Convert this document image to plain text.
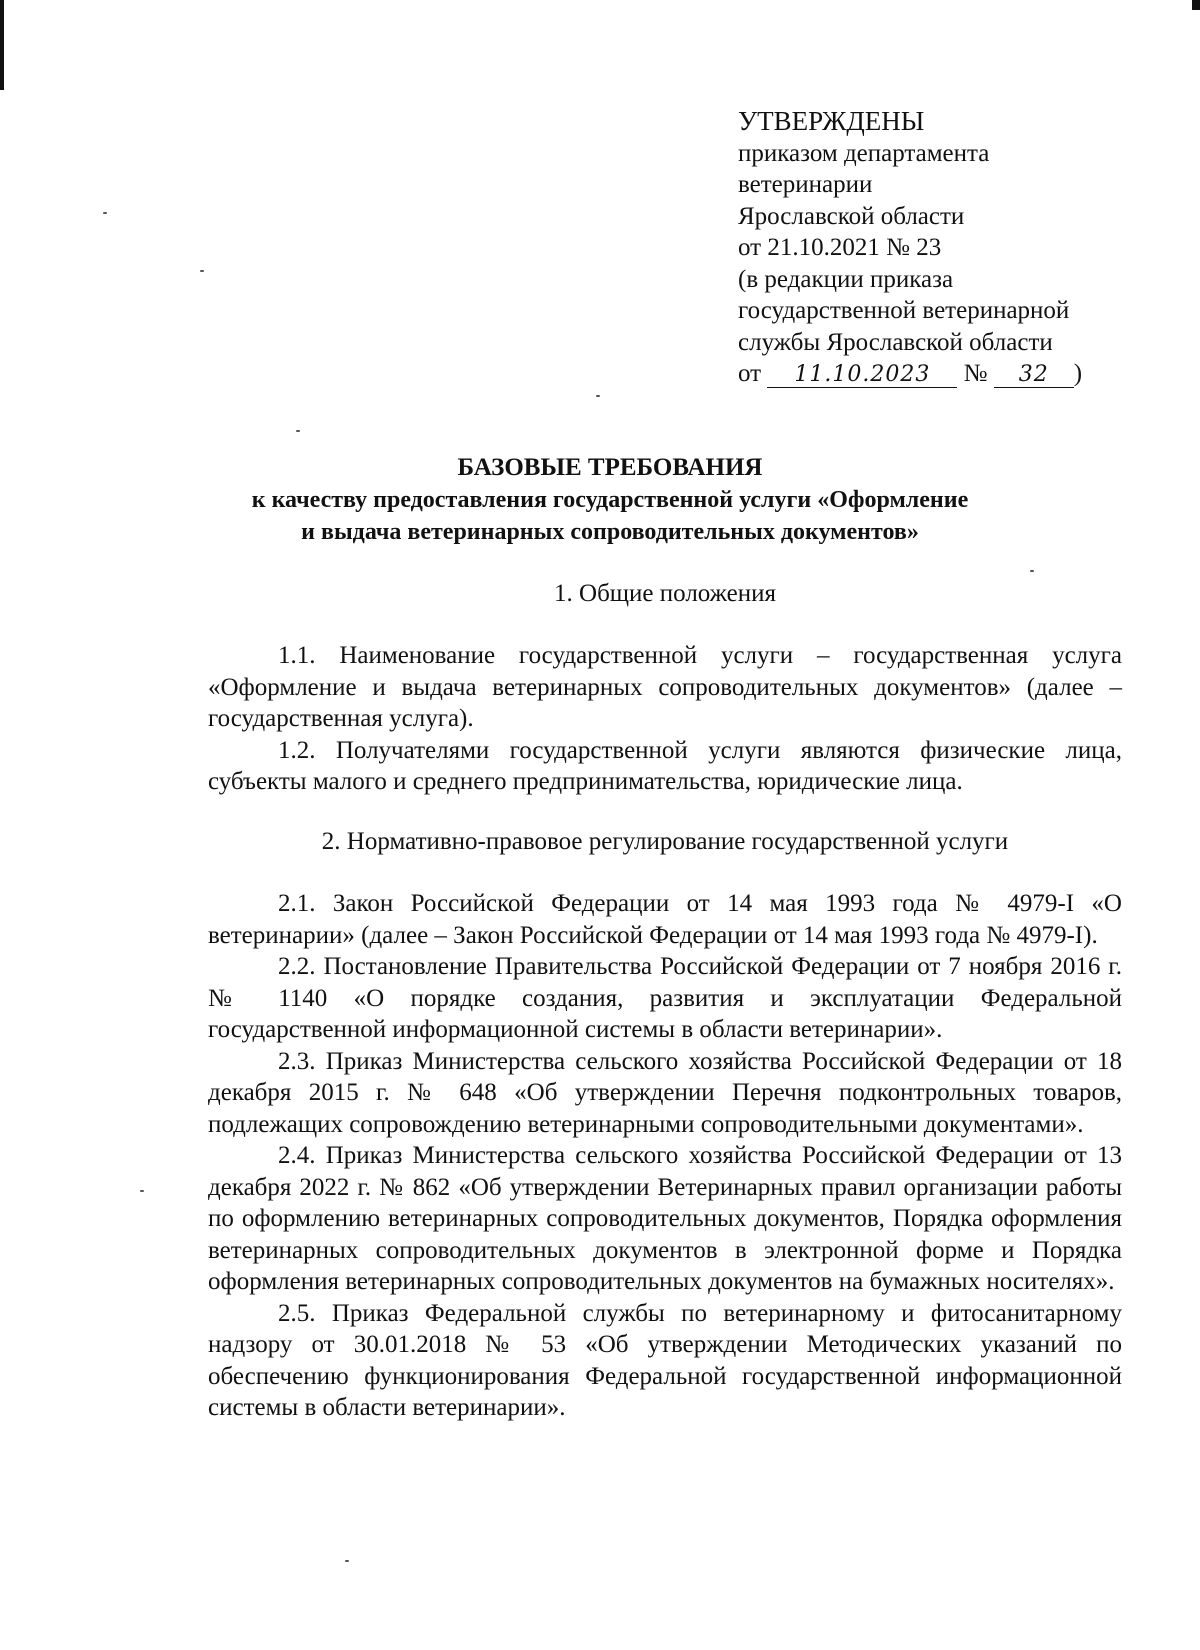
УТВЕРЖДЕНЫ
приказом департамента
ветеринарии
Ярославской области
от 21.10.2021 № 23
(в редакции приказа
государственной ветеринарной
службы Ярославской области
от 11.10.2023 № 32 )
БАЗОВЫЕ ТРЕБОВАНИЯ
к качеству предоставления государственной услуги «Оформление
и выдача ветеринарных сопроводительных документов»
1. Общие положения

1.1. Наименование государственной услуги – государственная услуга «Оформление и выдача ветеринарных сопроводительных документов» (далее – государственная услуга).

1.2. Получателями государственной услуги являются физические лица, субъекты малого и среднего предпринимательства, юридические лица.

2. Нормативно-правовое регулирование государственной услуги

2.1. Закон Российской Федерации от 14 мая 1993 года № 4979-I «О ветеринарии» (далее – Закон Российской Федерации от 14 мая 1993 года № 4979-I).

2.2. Постановление Правительства Российской Федерации от 7 ноября 2016 г. № 1140 «О порядке создания, развития и эксплуатации Федеральной государственной информационной системы в области ветеринарии».

2.3. Приказ Министерства сельского хозяйства Российской Федерации от 18 декабря 2015 г. № 648 «Об утверждении Перечня подконтрольных товаров, подлежащих сопровождению ветеринарными сопроводительными документами».

2.4. Приказ Министерства сельского хозяйства Российской Федерации от 13 декабря 2022 г. № 862 «Об утверждении Ветеринарных правил организации работы по оформлению ветеринарных сопроводительных документов, Порядка оформления ветеринарных сопроводительных документов в электронной форме и Порядка оформления ветеринарных сопроводительных документов на бумажных носителях».

2.5. Приказ Федеральной службы по ветеринарному и фитосанитарному надзору от 30.01.2018 № 53 «Об утверждении Методических указаний по обеспечению функционирования Федеральной государственной информационной системы в области ветеринарии».
